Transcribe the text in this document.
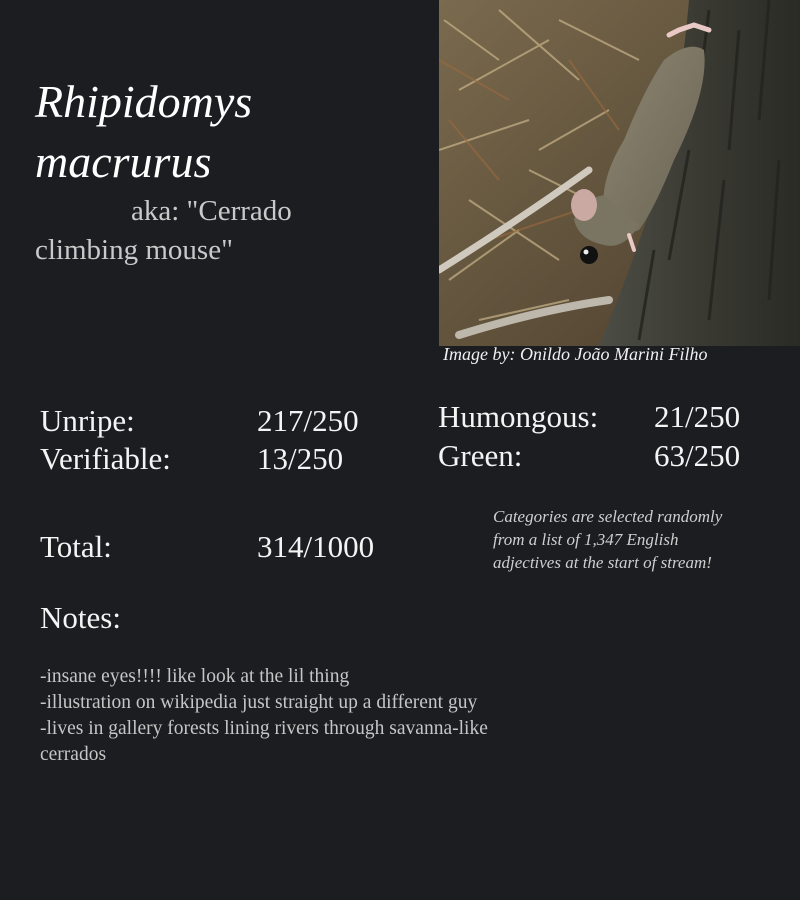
Rhipidomys macrurus
aka: "Cerrado climbing mouse"
Image by: Onildo João Marini Filho
Unripe:	217/250
Verifiable:	13/250
Humongous: 21/250
Green:	63/250
Total:	314/1000
Categories are selected randomly from a list of 1,347 English adjectives at the start of stream!
Notes:
-insane eyes!!!! like look at the lil thing
-illustration on wikipedia just straight up a different guy
-lives in gallery forests lining rivers through savanna-like cerrados
